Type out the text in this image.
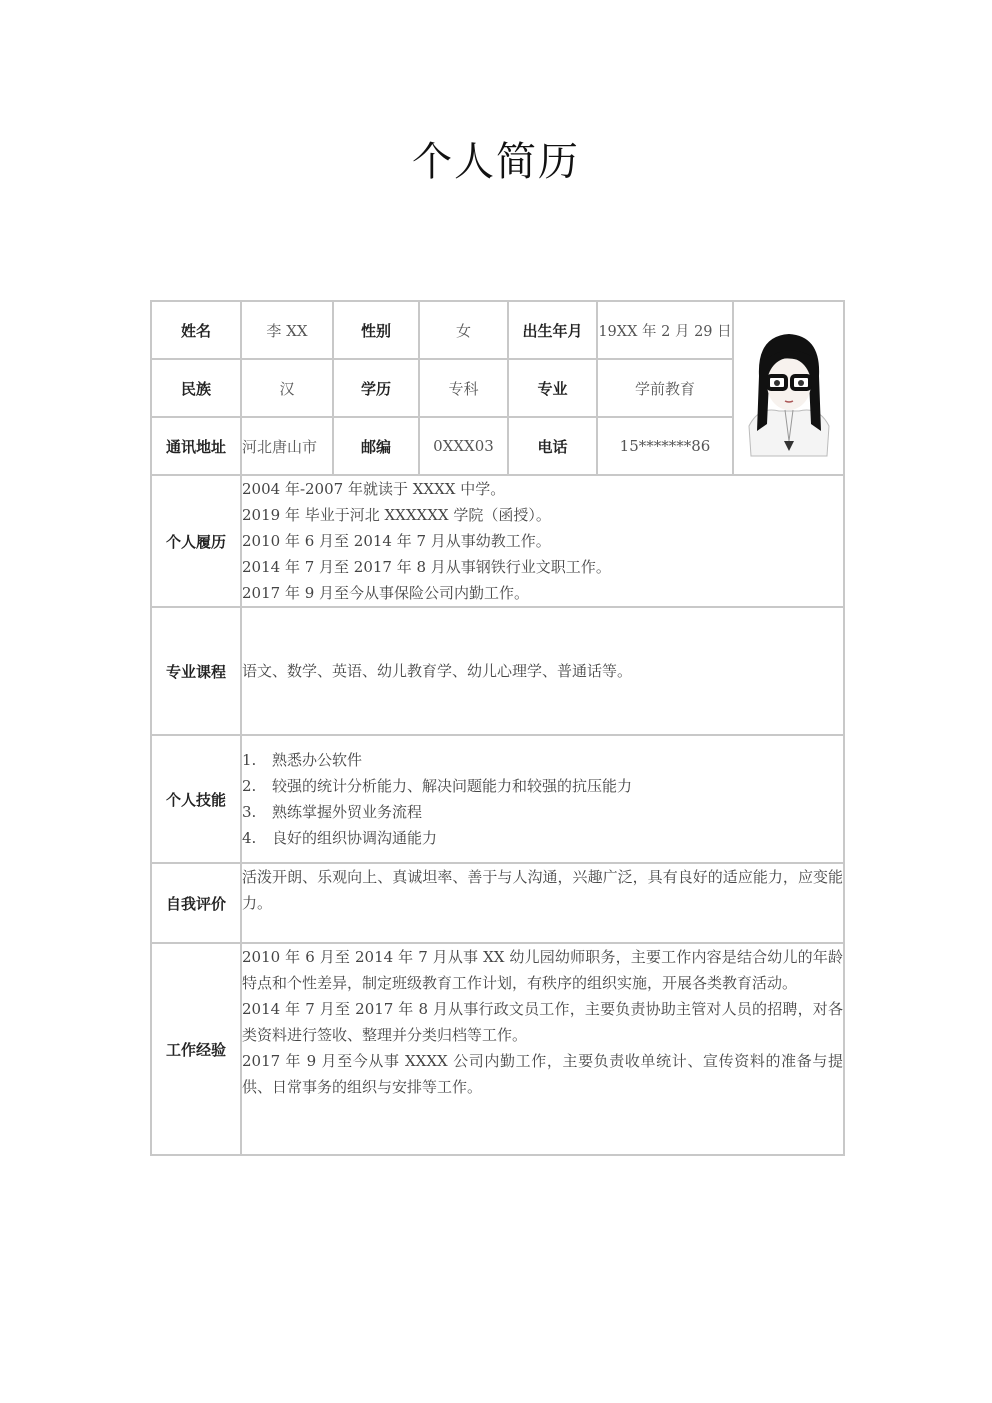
个人简历
姓名	李 XX	性别	女	出生年月	19XX 年 2 月 29 日	
民族	汉	学历	专科	专业	学前教育	
通讯地址	河北唐山市	邮编	0XXX03	电话	15*******86	
个人履历	2004 年-2007 年就读于 XXXX 中学。
2019 年 毕业于河北 XXXXXX 学院（函授）。
2010 年 6 月至 2014 年 7 月从事幼教工作。
2014 年 7 月至 2017 年 8 月从事钢铁行业文职工作。
2017 年 9 月至今从事保险公司内勤工作。					

专业课程	语文、数学、英语、幼儿教育学、幼儿心理学、普通话等。					
个人技能	
1.	熟悉办公软件
2.	较强的统计分析能力、解决问题能力和较强的抗压能力
3.	熟练掌握外贸业务流程
4.	良好的组织协调沟通能力

自我评价	活泼开朗、乐观向上、真诚坦率、善于与人沟通，兴趣广泛，具有良好的适应能力，应变能力。					

工作经验	2010 年 6 月至 2014 年 7 月从事 XX 幼儿园幼师职务，主要工作内容是结合幼儿的年龄特点和个性差异，制定班级教育工作计划，有秩序的组织实施，开展各类教育活动。

2014 年 7 月至 2017 年 8 月从事行政文员工作，主要负责协助主管对人员的招聘，对各类资料进行签收、整理并分类归档等工作。

2017 年 9 月至今从事 XXXX 公司内勤工作，主要负责收单统计、宣传资料的准备与提供、日常事务的组织与安排等工作。					
